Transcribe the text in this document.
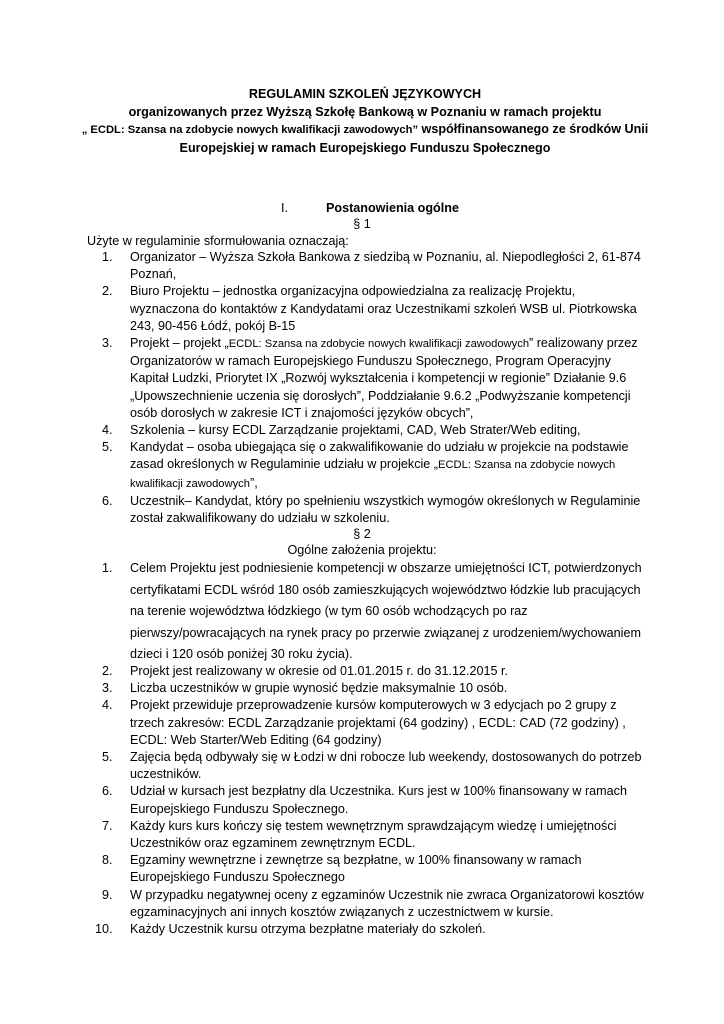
REGULAMIN SZKOLEŃ JĘZYKOWYCH
organizowanych przez Wyższą Szkołę Bankową w Poznaniu w ramach projektu
„ ECDL: Szansa na zdobycie nowych kwalifikacji zawodowych” współfinansowanego ze środków Unii
Europejskiej w ramach Europejskiego Funduszu Społecznego
I.	Postanowienia ogólne
§ 1
Użyte w regulaminie sformułowania oznaczają:
1. Organizator – Wyższa Szkoła Bankowa z siedzibą w Poznaniu, al. Niepodległości 2, 61-874 Poznań,
2. Biuro Projektu – jednostka organizacyjna odpowiedzialna za realizację Projektu, wyznaczona do kontaktów z Kandydatami oraz Uczestnikami szkoleń WSB ul. Piotrkowska 243, 90-456 Łódź, pokój B-15
3. Projekt – projekt „ECDL: Szansa na zdobycie nowych kwalifikacji zawodowych” realizowany przez Organizatorów w ramach Europejskiego Funduszu Społecznego, Program Operacyjny Kapitał Ludzki, Priorytet IX „Rozwój wykształcenia i kompetencji w regionie” Działanie 9.6 „Upowszechnienie uczenia się dorosłych”, Poddziałanie 9.6.2 „Podwyższanie kompetencji osób dorosłych w zakresie ICT i znajomości języków obcych”,
4. Szkolenia – kursy ECDL Zarządzanie projektami, CAD, Web Strater/Web editing,
5. Kandydat – osoba ubiegająca się o zakwalifikowanie do udziału w projekcie na podstawie zasad określonych w Regulaminie udziału w projekcie „ECDL: Szansa na zdobycie nowych kwalifikacji zawodowych”,
6. Uczestnik– Kandydat, który po spełnieniu wszystkich wymogów określonych w Regulaminie został zakwalifikowany do udziału w szkoleniu.
§ 2
Ogólne założenia projektu:
1. Celem Projektu jest podniesienie kompetencji w obszarze umiejętności ICT, potwierdzonych certyfikatami ECDL wśród 180 osób zamieszkujących województwo łódzkie lub pracujących na terenie województwa łódzkiego (w tym 60 osób wchodzących po raz pierwszy/powracających na rynek pracy po przerwie związanej z urodzeniem/wychowaniem dzieci i 120 osób poniżej 30 roku życia).
2. Projekt jest realizowany w okresie od 01.01.2015 r. do 31.12.2015 r.
3. Liczba uczestników w grupie wynosić będzie maksymalnie 10 osób.
4. Projekt przewiduje przeprowadzenie kursów komputerowych w 3 edycjach po 2 grupy z trzech zakresów: ECDL Zarządzanie projektami (64 godziny) , ECDL: CAD (72 godziny) , ECDL: Web Starter/Web Editing (64 godziny)
5. Zajęcia będą odbywały się w Łodzi w dni robocze lub weekendy, dostosowanych do potrzeb uczestników.
6. Udział w kursach jest bezpłatny dla Uczestnika. Kurs jest w 100% finansowany w ramach Europejskiego Funduszu Społecznego.
7. Każdy kurs kurs kończy się testem wewnętrznym sprawdzającym wiedzę i umiejętności Uczestników oraz egzaminem zewnętrznym ECDL.
8. Egzaminy wewnętrzne i zewnętrze są bezpłatne, w 100% finansowany w ramach Europejskiego Funduszu Społecznego
9. W przypadku negatywnej oceny z egzaminów Uczestnik nie zwraca Organizatorowi kosztów egzaminacyjnych ani innych kosztów związanych z uczestnictwem w kursie.
10. Każdy Uczestnik kursu otrzyma bezpłatne materiały do szkoleń.
